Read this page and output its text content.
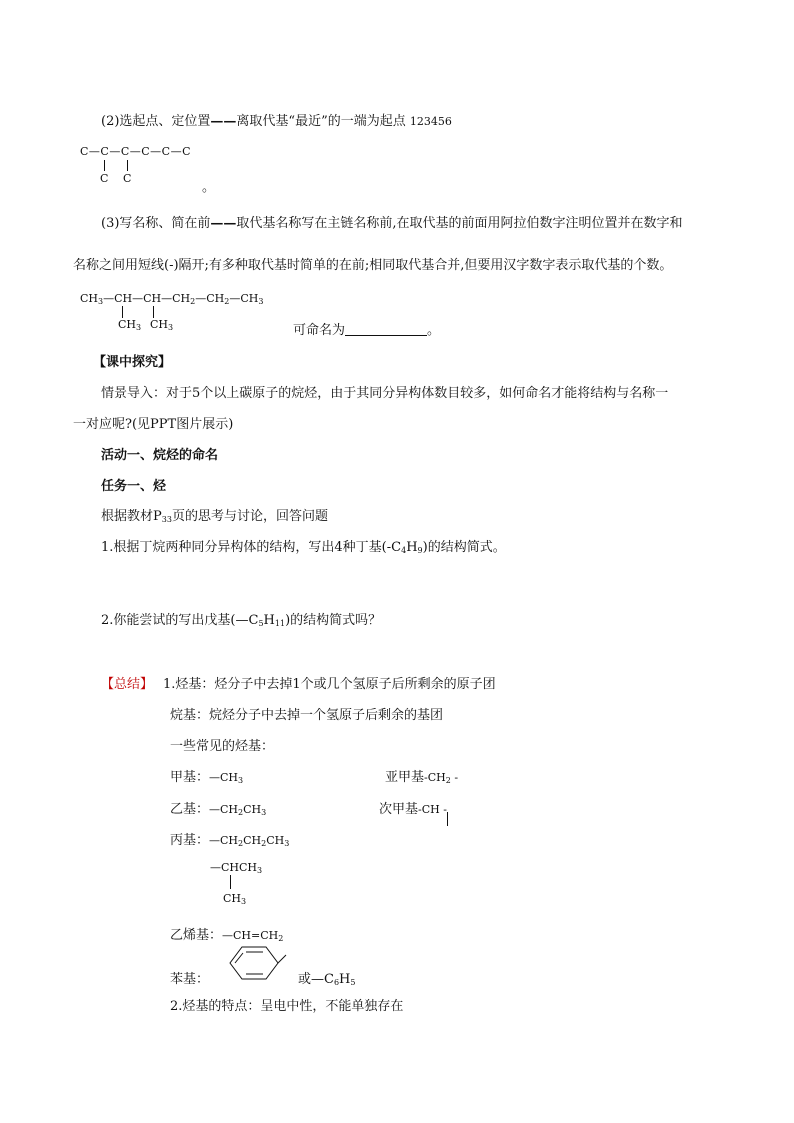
(2)选起点、定位置——离取代基“最近”的一端为起点 123456
C—C—C—C—C—C
C C
。
(3)写名称、简在前——取代基名称写在主链名称前,在取代基的前面用阿拉伯数字注明位置并在数字和
名称之间用短线(-)隔开;有多种取代基时简单的在前;相同取代基合并,但要用汉字数字表示取代基的个数。
$CH_3—CH—CH—CH_2—CH_2—CH_3$
$CH_3$ $CH_3$	可命名为	。
【课中探究】
情景导入：对于5个以上碳原子的烷烃，由于其同分异构体数目较多，如何命名才能将结构与名称一
一对应呢?(见PPT图片展示)
活动一、烷烃的命名
任务一、烃
根据教材$P_{33}$页的思考与讨论，回答问题
1.根据丁烷两种同分异构体的结构，写出4种丁基$(-C_4H_9)$的结构简式。
2.你能尝试的写出戊基$(—C_5H_{11})$的结构简式吗？
【总结】 1.烃基：烃分子中去掉1个或几个氢原子后所剩余的原子团
烷基：烷烃分子中去掉一个氢原子后剩余的基团
一些常见的烃基：
甲基：$—CH_3$	亚甲基$-CH_2$ -
乙基：$—CH_2CH_3$	次甲基-CH -
丙基：$—CH_2CH_2CH_3$
$—CHCH_3$
$CH_3$
乙烯基：$—CH=CH_2$
苯基：	或$—C_6H_5$
2.烃基的特点：呈电中性，不能单独存在
